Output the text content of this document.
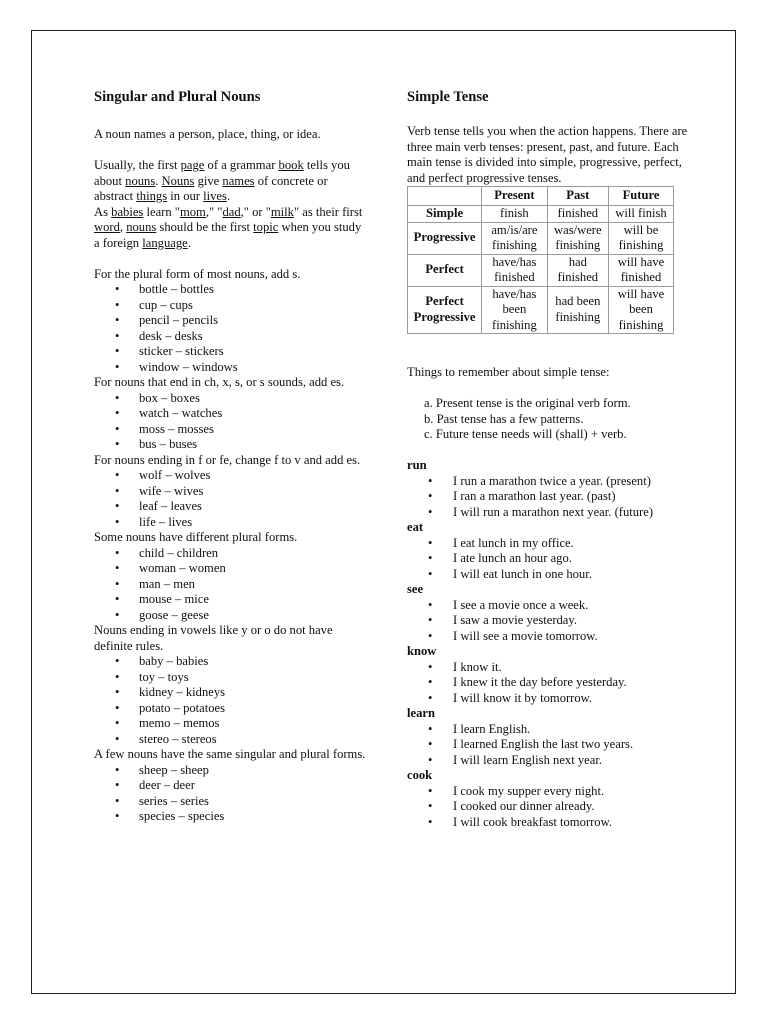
Singular and Plural Nouns

A noun names a person, place, thing, or idea.

Usually, the first page of a grammar book tells you about nouns. Nouns give names of concrete or abstract things in our lives.
As babies learn "mom," "dad," or "milk" as their first word, nouns should be the first topic when you study a foreign language.

For the plural form of most nouns, add s.

• bottle – bottles
• cup – cups
• pencil – pencils
• desk – desks
• sticker – stickers
• window – windows

For nouns that end in ch, x, s, or s sounds, add es.

• box – boxes
• watch – watches
• moss – mosses
• bus – buses

For nouns ending in f or fe, change f to v and add es.

• wolf – wolves
• wife – wives
• leaf – leaves
• life – lives

Some nouns have different plural forms.

• child – children
• woman – women
• man – men
• mouse – mice
• goose – geese

Nouns ending in vowels like y or o do not have definite rules.

• baby – babies
• toy – toys
• kidney – kidneys
• potato – potatoes
• memo – memos
• stereo – stereos

A few nouns have the same singular and plural forms.

• sheep – sheep
• deer – deer
• series – series
• species – species
Simple Tense

Verb tense tells you when the action happens. There are three main verb tenses: present, past, and future. Each main tense is divided into simple, progressive, perfect, and perfect progressive tenses.

	Present	Past	Future
Simple	finish	finished	will finish
Progressive	am/is/are finishing	was/were finishing	will be finishing
Perfect	have/has finished	had finished	will have finished
Perfect Progressive	have/has been finishing	had been finishing	will have been finishing

Things to remember about simple tense:

a. Present tense is the original verb form.

b. Past tense has a few patterns.

c. Future tense needs will (shall) + verb.

run

• I run a marathon twice a year. (present)
• I ran a marathon last year. (past)
• I will run a marathon next year. (future)

eat

• I eat lunch in my office.
• I ate lunch an hour ago.
• I will eat lunch in one hour.

see

• I see a movie once a week.
• I saw a movie yesterday.
• I will see a movie tomorrow.

know

• I know it.
• I knew it the day before yesterday.
• I will know it by tomorrow.

learn

• I learn English.
• I learned English the last two years.
• I will learn English next year.

cook

• I cook my supper every night.
• I cooked our dinner already.
• I will cook breakfast tomorrow.
